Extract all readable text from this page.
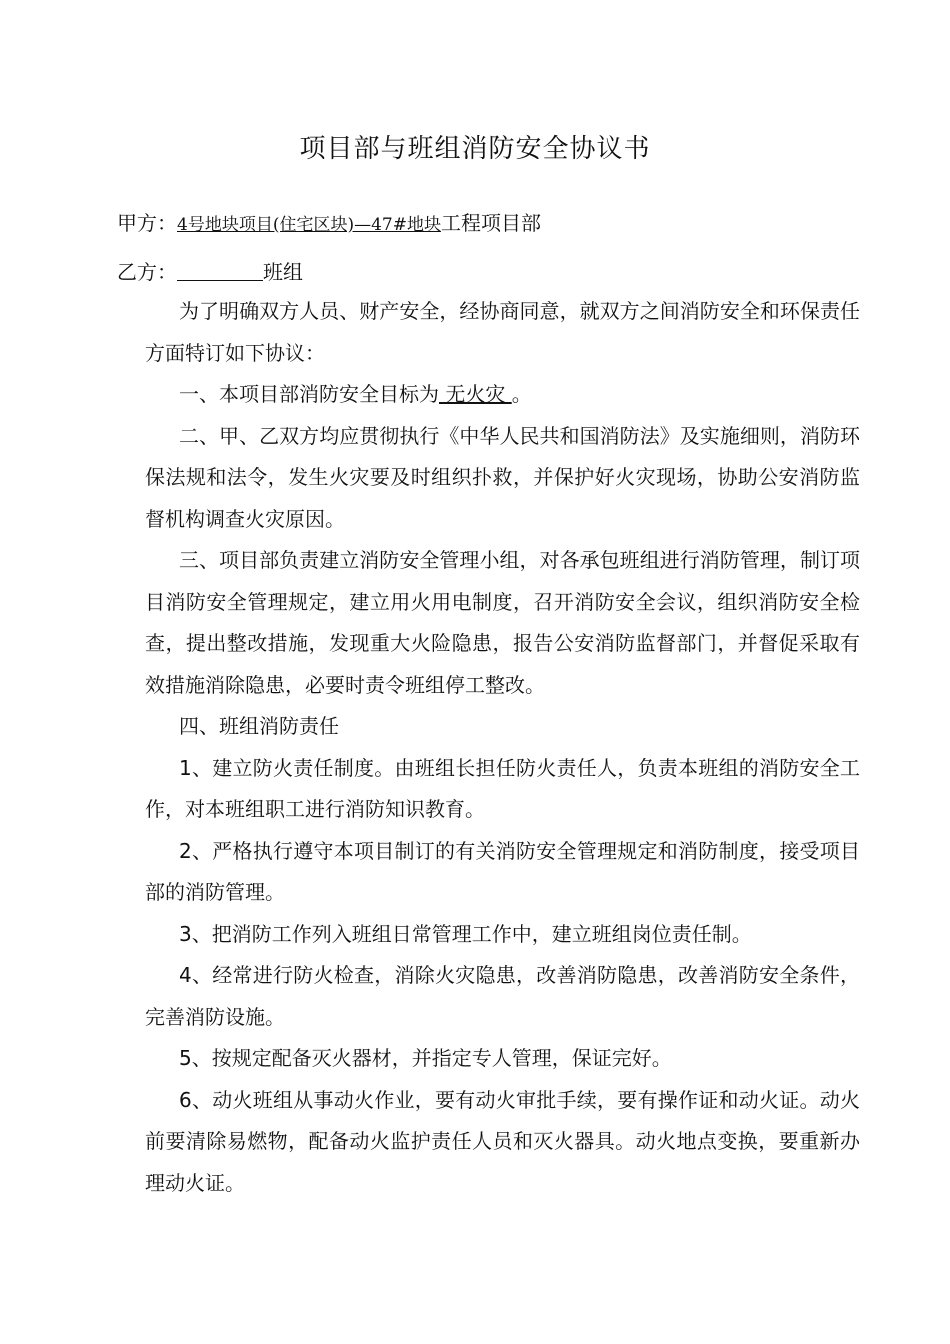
项目部与班组消防安全协议书
甲方：4号地块项目(住宅区块)—47#地块工程项目部
乙方：	班组

为了明确双方人员、财产安全，经协商同意，就双方之间消防安全和环保责任方面特订如下协议：

一、本项目部消防安全目标为 无火灾 。

二、甲、乙双方均应贯彻执行《中华人民共和国消防法》及实施细则，消防环保法规和法令，发生火灾要及时组织扑救，并保护好火灾现场，协助公安消防监督机构调查火灾原因。

三、项目部负责建立消防安全管理小组，对各承包班组进行消防管理，制订项目消防安全管理规定，建立用火用电制度，召开消防安全会议，组织消防安全检查，提出整改措施，发现重大火险隐患，报告公安消防监督部门，并督促采取有效措施消除隐患，必要时责令班组停工整改。

四、班组消防责任

1、建立防火责任制度。由班组长担任防火责任人，负责本班组的消防安全工作，对本班组职工进行消防知识教育。

2、严格执行遵守本项目制订的有关消防安全管理规定和消防制度，接受项目部的消防管理。

3、把消防工作列入班组日常管理工作中，建立班组岗位责任制。

4、经常进行防火检查，消除火灾隐患，改善消防隐患，改善消防安全条件，完善消防设施。

5、按规定配备灭火器材，并指定专人管理，保证完好。

6、动火班组从事动火作业，要有动火审批手续，要有操作证和动火证。动火前要清除易燃物，配备动火监护责任人员和灭火器具。动火地点变换，要重新办理动火证。
